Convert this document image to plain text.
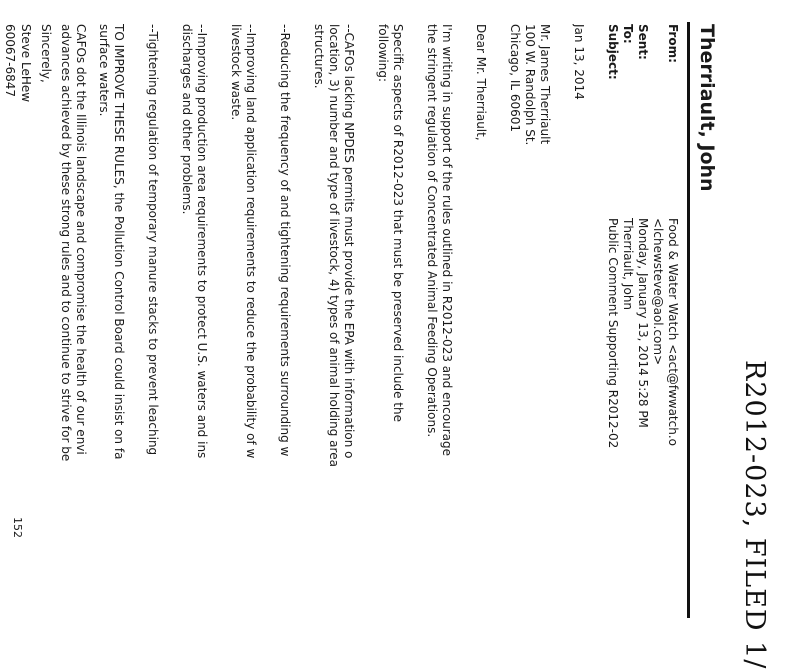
R2012-023, FILED 1/
Therriault, John
From:
Food & Water Watch <act@fwwatch.o
<lchewsteve@aol.com>
Sent:
Monday, January 13, 2014 5:28 PM
To:
Therriault, John
Subject:
Public Comment Supporting R2012-02
Jan 13, 2014
Mr. James Therriault
100 W. Randolph St.
Chicago, IL 60601
Dear Mr. Therriault,
I'm writing in support of the rules outlined in R2012-023 and encourage
the stringent regulation of Concentrated Animal Feeding Operations.
Specific aspects of R2012-023 that must be preserved include the
following:
--CAFOs lacking NPDES permits must provide the EPA with information o
location, 3) number and type of livestock, 4) types of animal holding area
structures.
--Reducing the frequency of and tightening requirements surrounding w
--Improving land application requirements to reduce the probability of w
livestock waste.
--Improving production area requirements to protect U.S. waters and ins
discharges and other problems.
--Tightening regulation of temporary manure stacks to prevent leaching
TO IMPROVE THESE RULES, the Pollution Control Board could insist on fa
surface waters.
CAFOs dot the Illinois landscape and compromise the health of our envi
advances achieved by these strong rules and to continue to strive for be
Sincerely,
Steve LeHew
60067-6847
152
